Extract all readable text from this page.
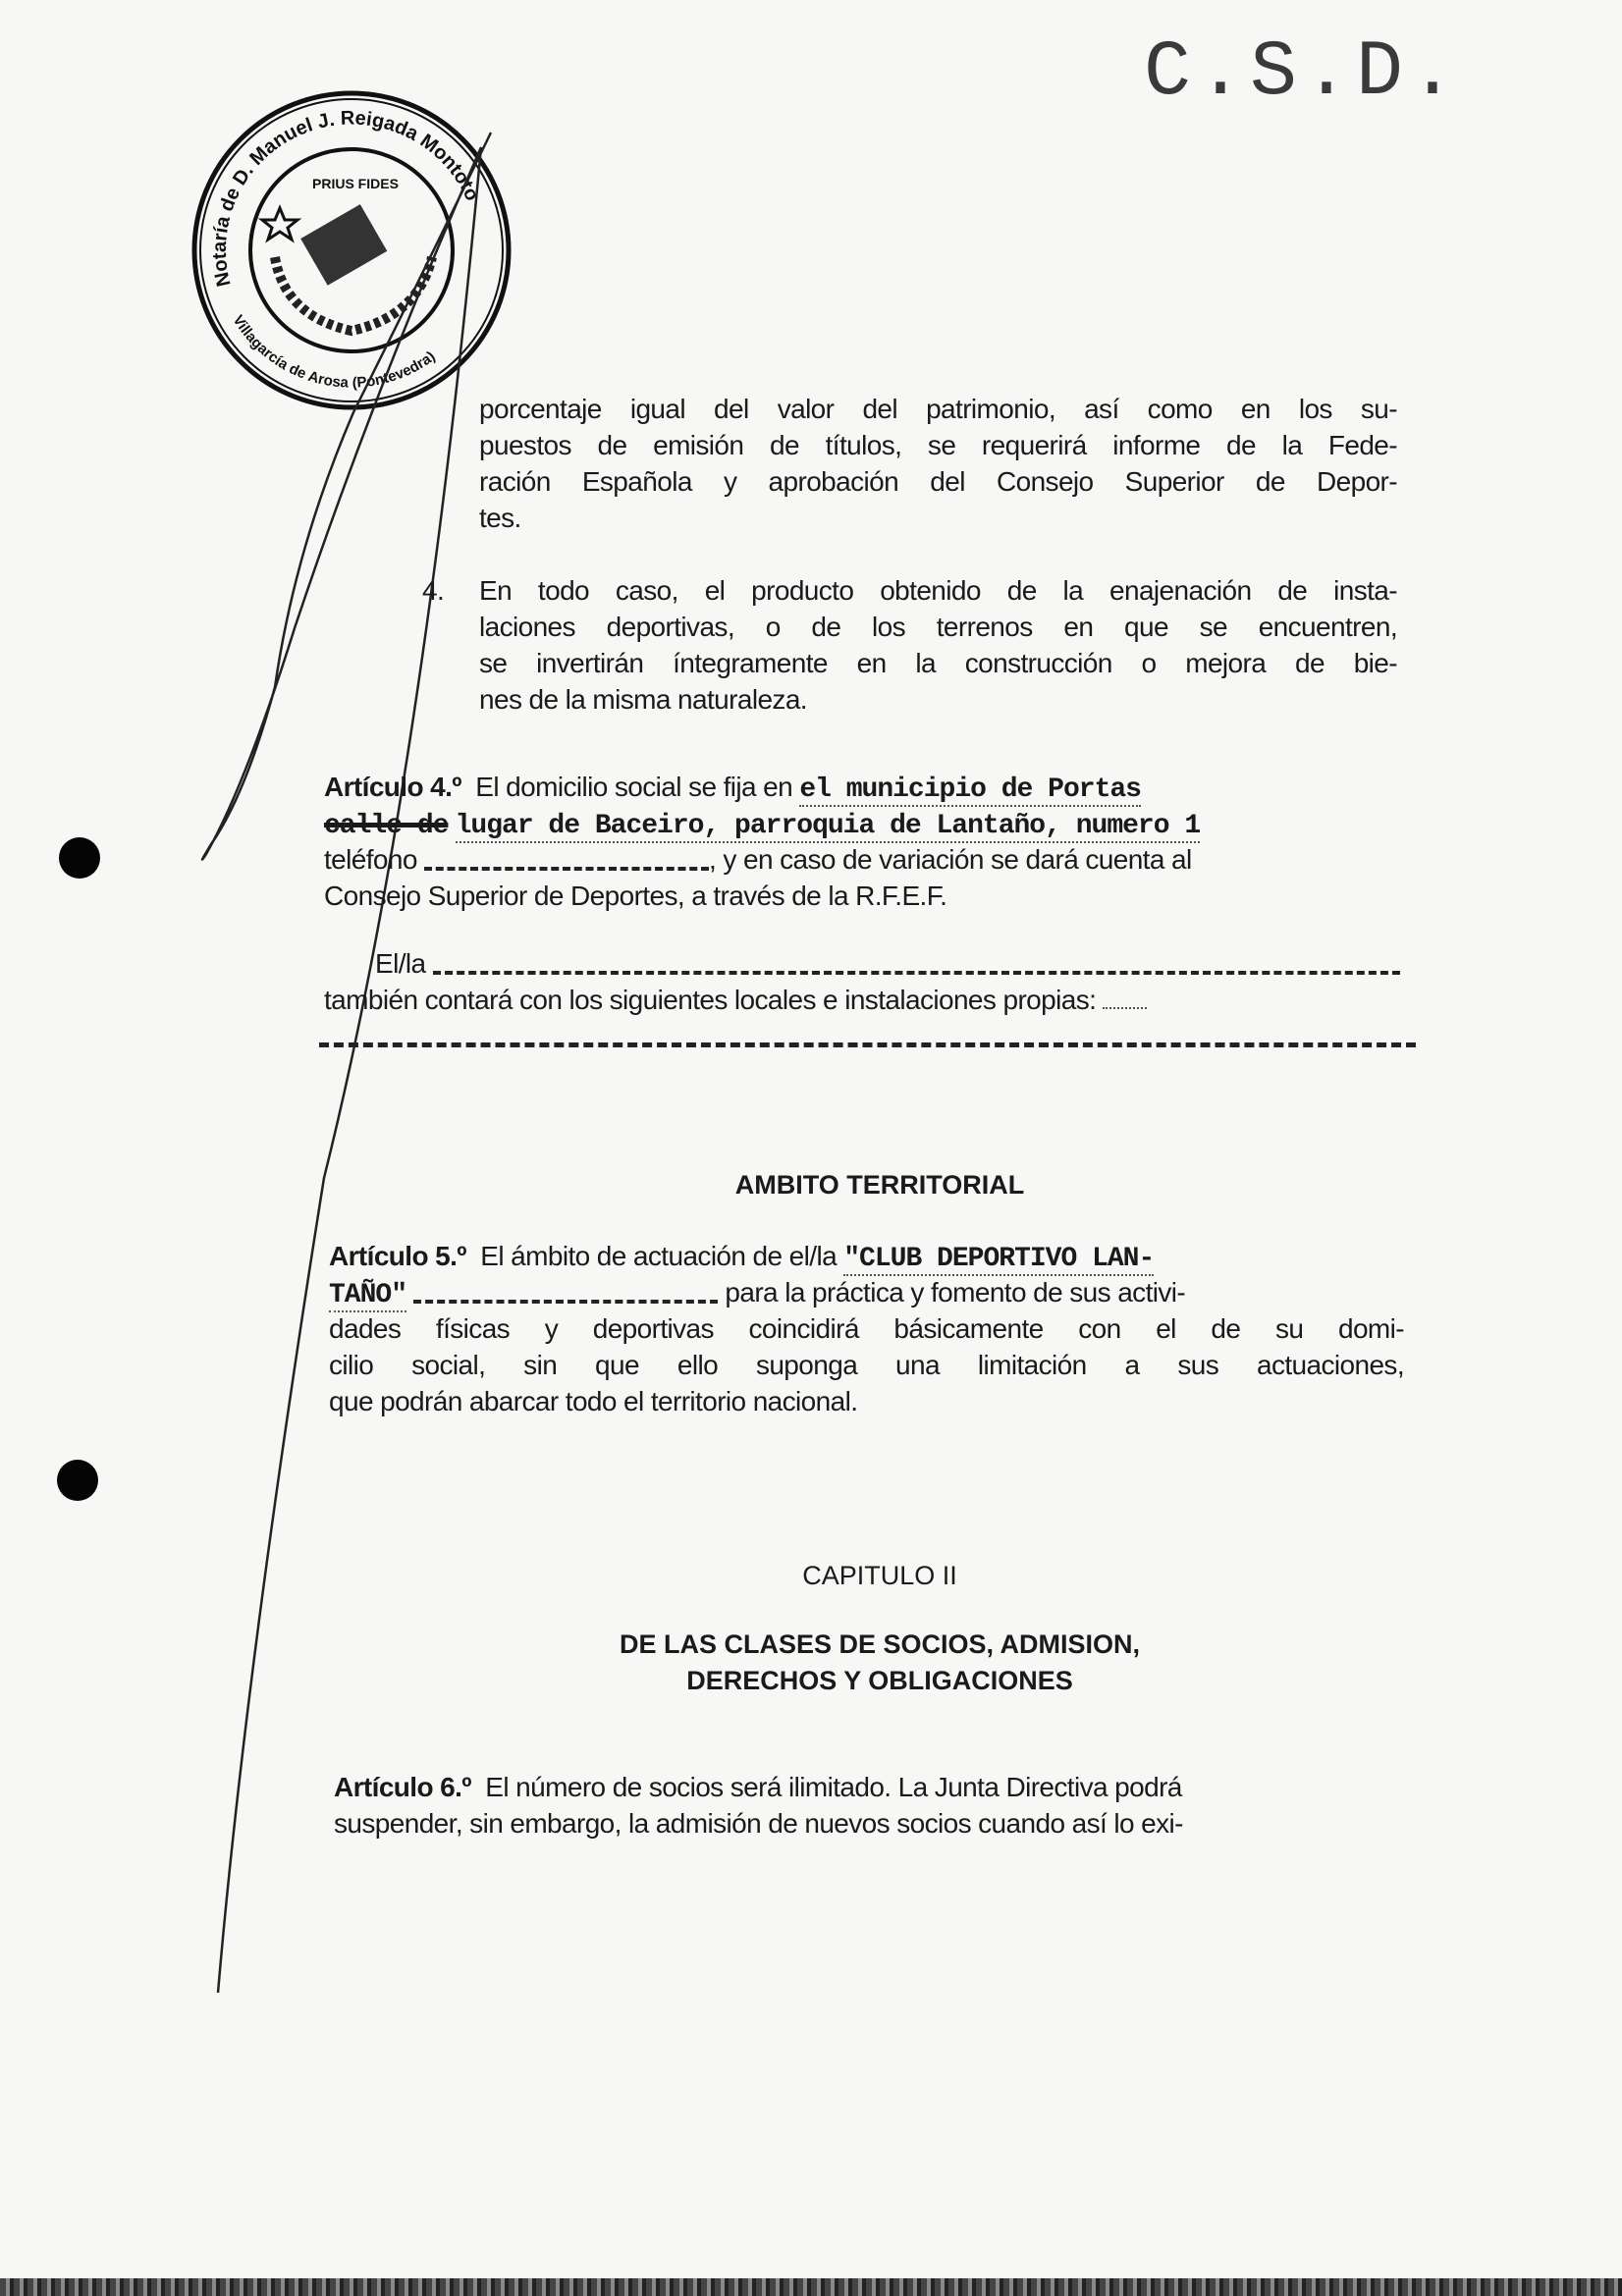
C.S.D.
Notaría de D. Manuel J. Reigada Montoto
Villagarcía de Arosa (Pontevedra)
PRIUS FIDES
porcentaje igual del valor del patrimonio, así como en los su-
puestos de emisión de títulos, se requerirá informe de la Fede-
ración Española y aprobación del Consejo Superior de Depor-
tes.
4. En todo caso, el producto obtenido de la enajenación de insta-
laciones deportivas, o de los terrenos en que se encuentren,
se invertirán íntegramente en la construcción o mejora de bie-
nes de la misma naturaleza.
Artículo 4.º El domicilio social se fija en el municipio de Portas
calle de lugar de Baceiro, parroquia de Lantaño, numero 1
teléfono	, y en caso de variación se dará cuenta al
Consejo Superior de Deportes, a través de la R.F.E.F.
El/la
también contará con los siguientes locales e instalaciones propias:
AMBITO TERRITORIAL
Artículo 5.º El ámbito de actuación de el/la "CLUB DEPORTIVO LAN-
TAÑO"	para la práctica y fomento de sus activi-
dades físicas y deportivas coincidirá básicamente con el de su domi-
cilio social, sin que ello suponga una limitación a sus actuaciones,
que podrán abarcar todo el territorio nacional.
CAPITULO II
DE LAS CLASES DE SOCIOS, ADMISION,
DERECHOS Y OBLIGACIONES
Artículo 6.º El número de socios será ilimitado. La Junta Directiva podrá
suspender, sin embargo, la admisión de nuevos socios cuando así lo exi-
